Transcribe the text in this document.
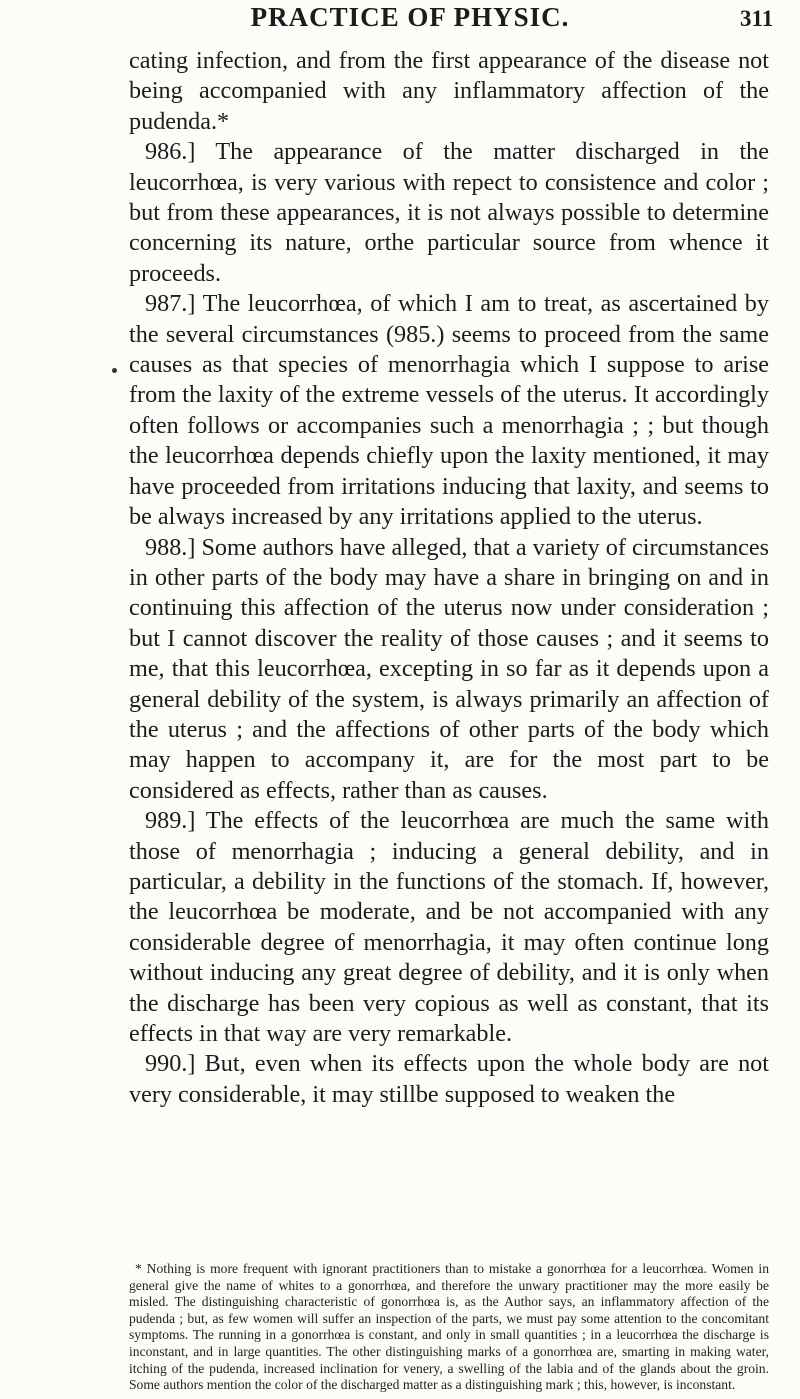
PRACTICE OF PHYSIC.	311

cating infection, and from the first appearance of the disease not being accompanied with any inflammatory affection of the pudenda.*

986.] The appearance of the matter discharged in the leucorrhœa, is very various with repect to consistence and color ; but from these appearances, it is not always possible to determine concerning its nature, orthe particular source from whence it proceeds.

987.] The leucorrhœa, of which I am to treat, as ascertained by the several circumstances (985.) seems to proceed from the same causes as that species of menorrhagia which I suppose to arise from the laxity of the extreme vessels of the uterus. It accordingly often follows or accompanies such a menorrhagia ; ; but though the leucorrhœa depends chiefly upon the laxity mentioned, it may have proceeded from irritations inducing that laxity, and seems to be always increased by any irritations applied to the uterus.

988.] Some authors have alleged, that a variety of circumstances in other parts of the body may have a share in bringing on and in continuing this affection of the uterus now under consideration ; but I cannot discover the reality of those causes ; and it seems to me, that this leucorrhœa, excepting in so far as it depends upon a general debility of the system, is always primarily an affection of the uterus ; and the affections of other parts of the body which may happen to accompany it, are for the most part to be considered as effects, rather than as causes.

989.] The effects of the leucorrhœa are much the same with those of menorrhagia ; inducing a general debility, and in particular, a debility in the functions of the stomach. If, however, the leucorrhœa be moderate, and be not accompanied with any considerable degree of menorrhagia, it may often continue long without inducing any great degree of debility, and it is only when the discharge has been very copious as well as constant, that its effects in that way are very remarkable.

990.] But, even when its effects upon the whole body are not very considerable, it may stillbe supposed to weaken the

* Nothing is more frequent with ignorant practitioners than to mistake a gonorrhœa for a leucorrhœa. Women in general give the name of whites to a gonorrhœa, and therefore the unwary practitioner may the more easily be misled. The distinguishing characteristic of gonorrhœa is, as the Author says, an inflammatory affection of the pudenda ; but, as few women will suffer an inspection of the parts, we must pay some attention to the concomitant symptoms. The running in a gonorrhœa is constant, and only in small quantities ; in a leucorrhœa the discharge is inconstant, and in large quantities. The other distinguishing marks of a gonorrhœa are, smarting in making water, itching of the pudenda, increased inclination for venery, a swelling of the labia and of the glands about the groin. Some authors mention the color of the discharged matter as a distinguishing mark ; this, however, is inconstant.
